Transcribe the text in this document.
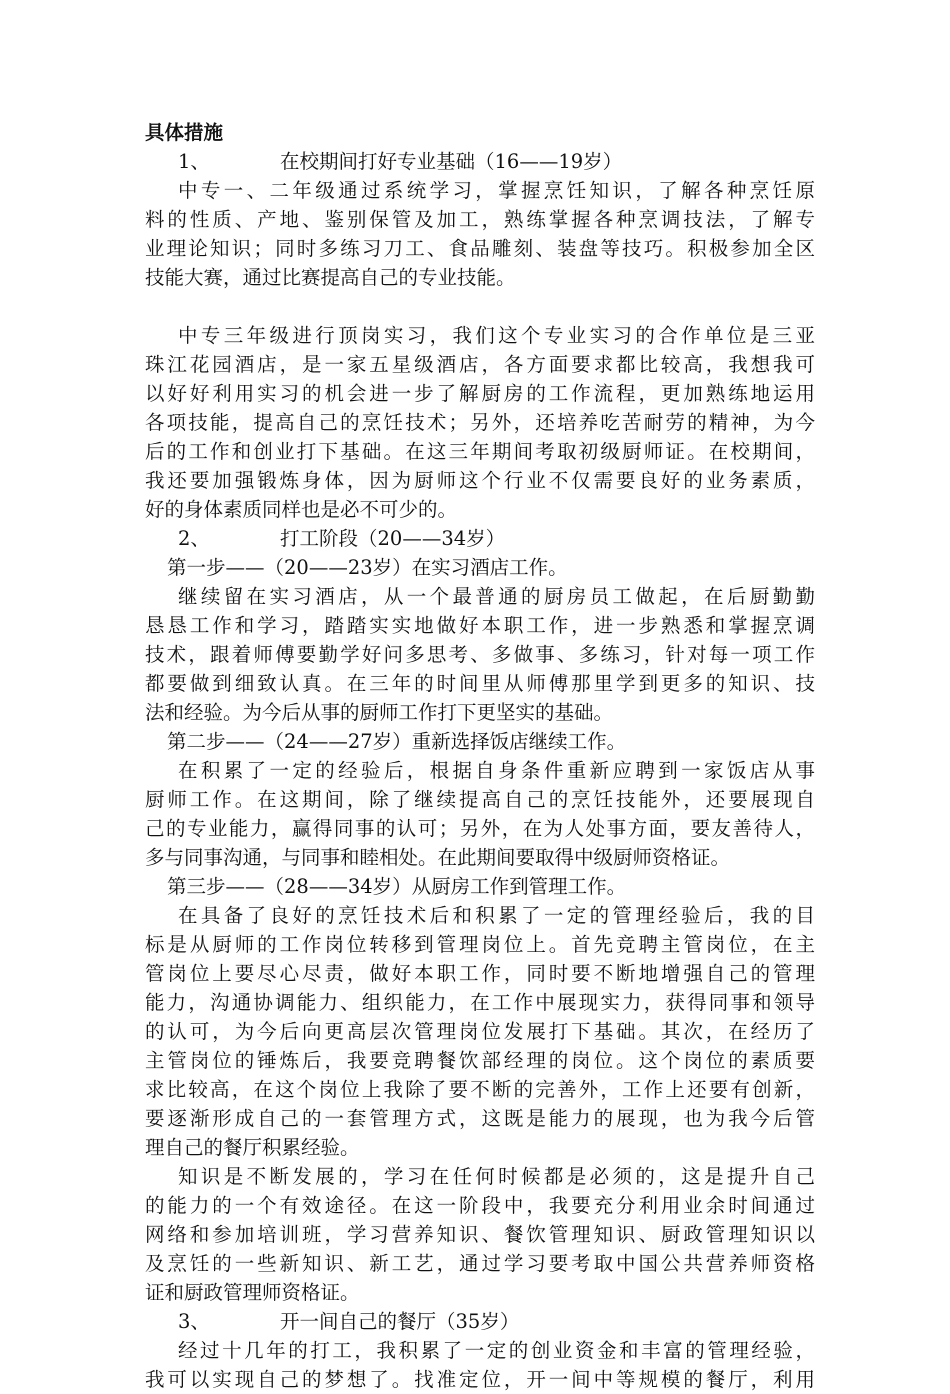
具体措施
1、	在校期间打好专业基础（16——19岁）
中专一、二年级通过系统学习，掌握烹饪知识，了解各种烹饪原
料的性质、产地、鉴别保管及加工，熟练掌握各种烹调技法，了解专
业理论知识；同时多练习刀工、食品雕刻、装盘等技巧。积极参加全区
技能大赛，通过比赛提高自己的专业技能。
中专三年级进行顶岗实习，我们这个专业实习的合作单位是三亚
珠江花园酒店，是一家五星级酒店，各方面要求都比较高，我想我可
以好好利用实习的机会进一步了解厨房的工作流程，更加熟练地运用
各项技能，提高自己的烹饪技术；另外，还培养吃苦耐劳的精神，为今
后的工作和创业打下基础。在这三年期间考取初级厨师证。在校期间，
我还要加强锻炼身体，因为厨师这个行业不仅需要良好的业务素质，
好的身体素质同样也是必不可少的。
2、	打工阶段（20——34岁）
第一步——（20——23岁）在实习酒店工作。
继续留在实习酒店，从一个最普通的厨房员工做起，在后厨勤勤
恳恳工作和学习，踏踏实实地做好本职工作，进一步熟悉和掌握烹调
技术，跟着师傅要勤学好问多思考、多做事、多练习，针对每一项工作
都要做到细致认真。在三年的时间里从师傅那里学到更多的知识、技
法和经验。为今后从事的厨师工作打下更坚实的基础。
第二步——（24——27岁）重新选择饭店继续工作。
在积累了一定的经验后，根据自身条件重新应聘到一家饭店从事
厨师工作。在这期间，除了继续提高自己的烹饪技能外，还要展现自
己的专业能力，赢得同事的认可；另外，在为人处事方面，要友善待人，
多与同事沟通，与同事和睦相处。在此期间要取得中级厨师资格证。
第三步——（28——34岁）从厨房工作到管理工作。
在具备了良好的烹饪技术后和积累了一定的管理经验后，我的目
标是从厨师的工作岗位转移到管理岗位上。首先竞聘主管岗位，在主
管岗位上要尽心尽责，做好本职工作，同时要不断地增强自己的管理
能力，沟通协调能力、组织能力，在工作中展现实力，获得同事和领导
的认可，为今后向更高层次管理岗位发展打下基础。其次，在经历了
主管岗位的锤炼后，我要竞聘餐饮部经理的岗位。这个岗位的素质要
求比较高，在这个岗位上我除了要不断的完善外，工作上还要有创新，
要逐渐形成自己的一套管理方式，这既是能力的展现，也为我今后管
理自己的餐厅积累经验。
知识是不断发展的，学习在任何时候都是必须的，这是提升自己
的能力的一个有效途径。在这一阶段中，我要充分利用业余时间通过
网络和参加培训班，学习营养知识、餐饮管理知识、厨政管理知识以
及烹饪的一些新知识、新工艺，通过学习要考取中国公共营养师资格
证和厨政管理师资格证。
3、	开一间自己的餐厅（35岁）
经过十几年的打工，我积累了一定的创业资金和丰富的管理经验，
我可以实现自己的梦想了。找准定位，开一间中等规模的餐厅，利用
